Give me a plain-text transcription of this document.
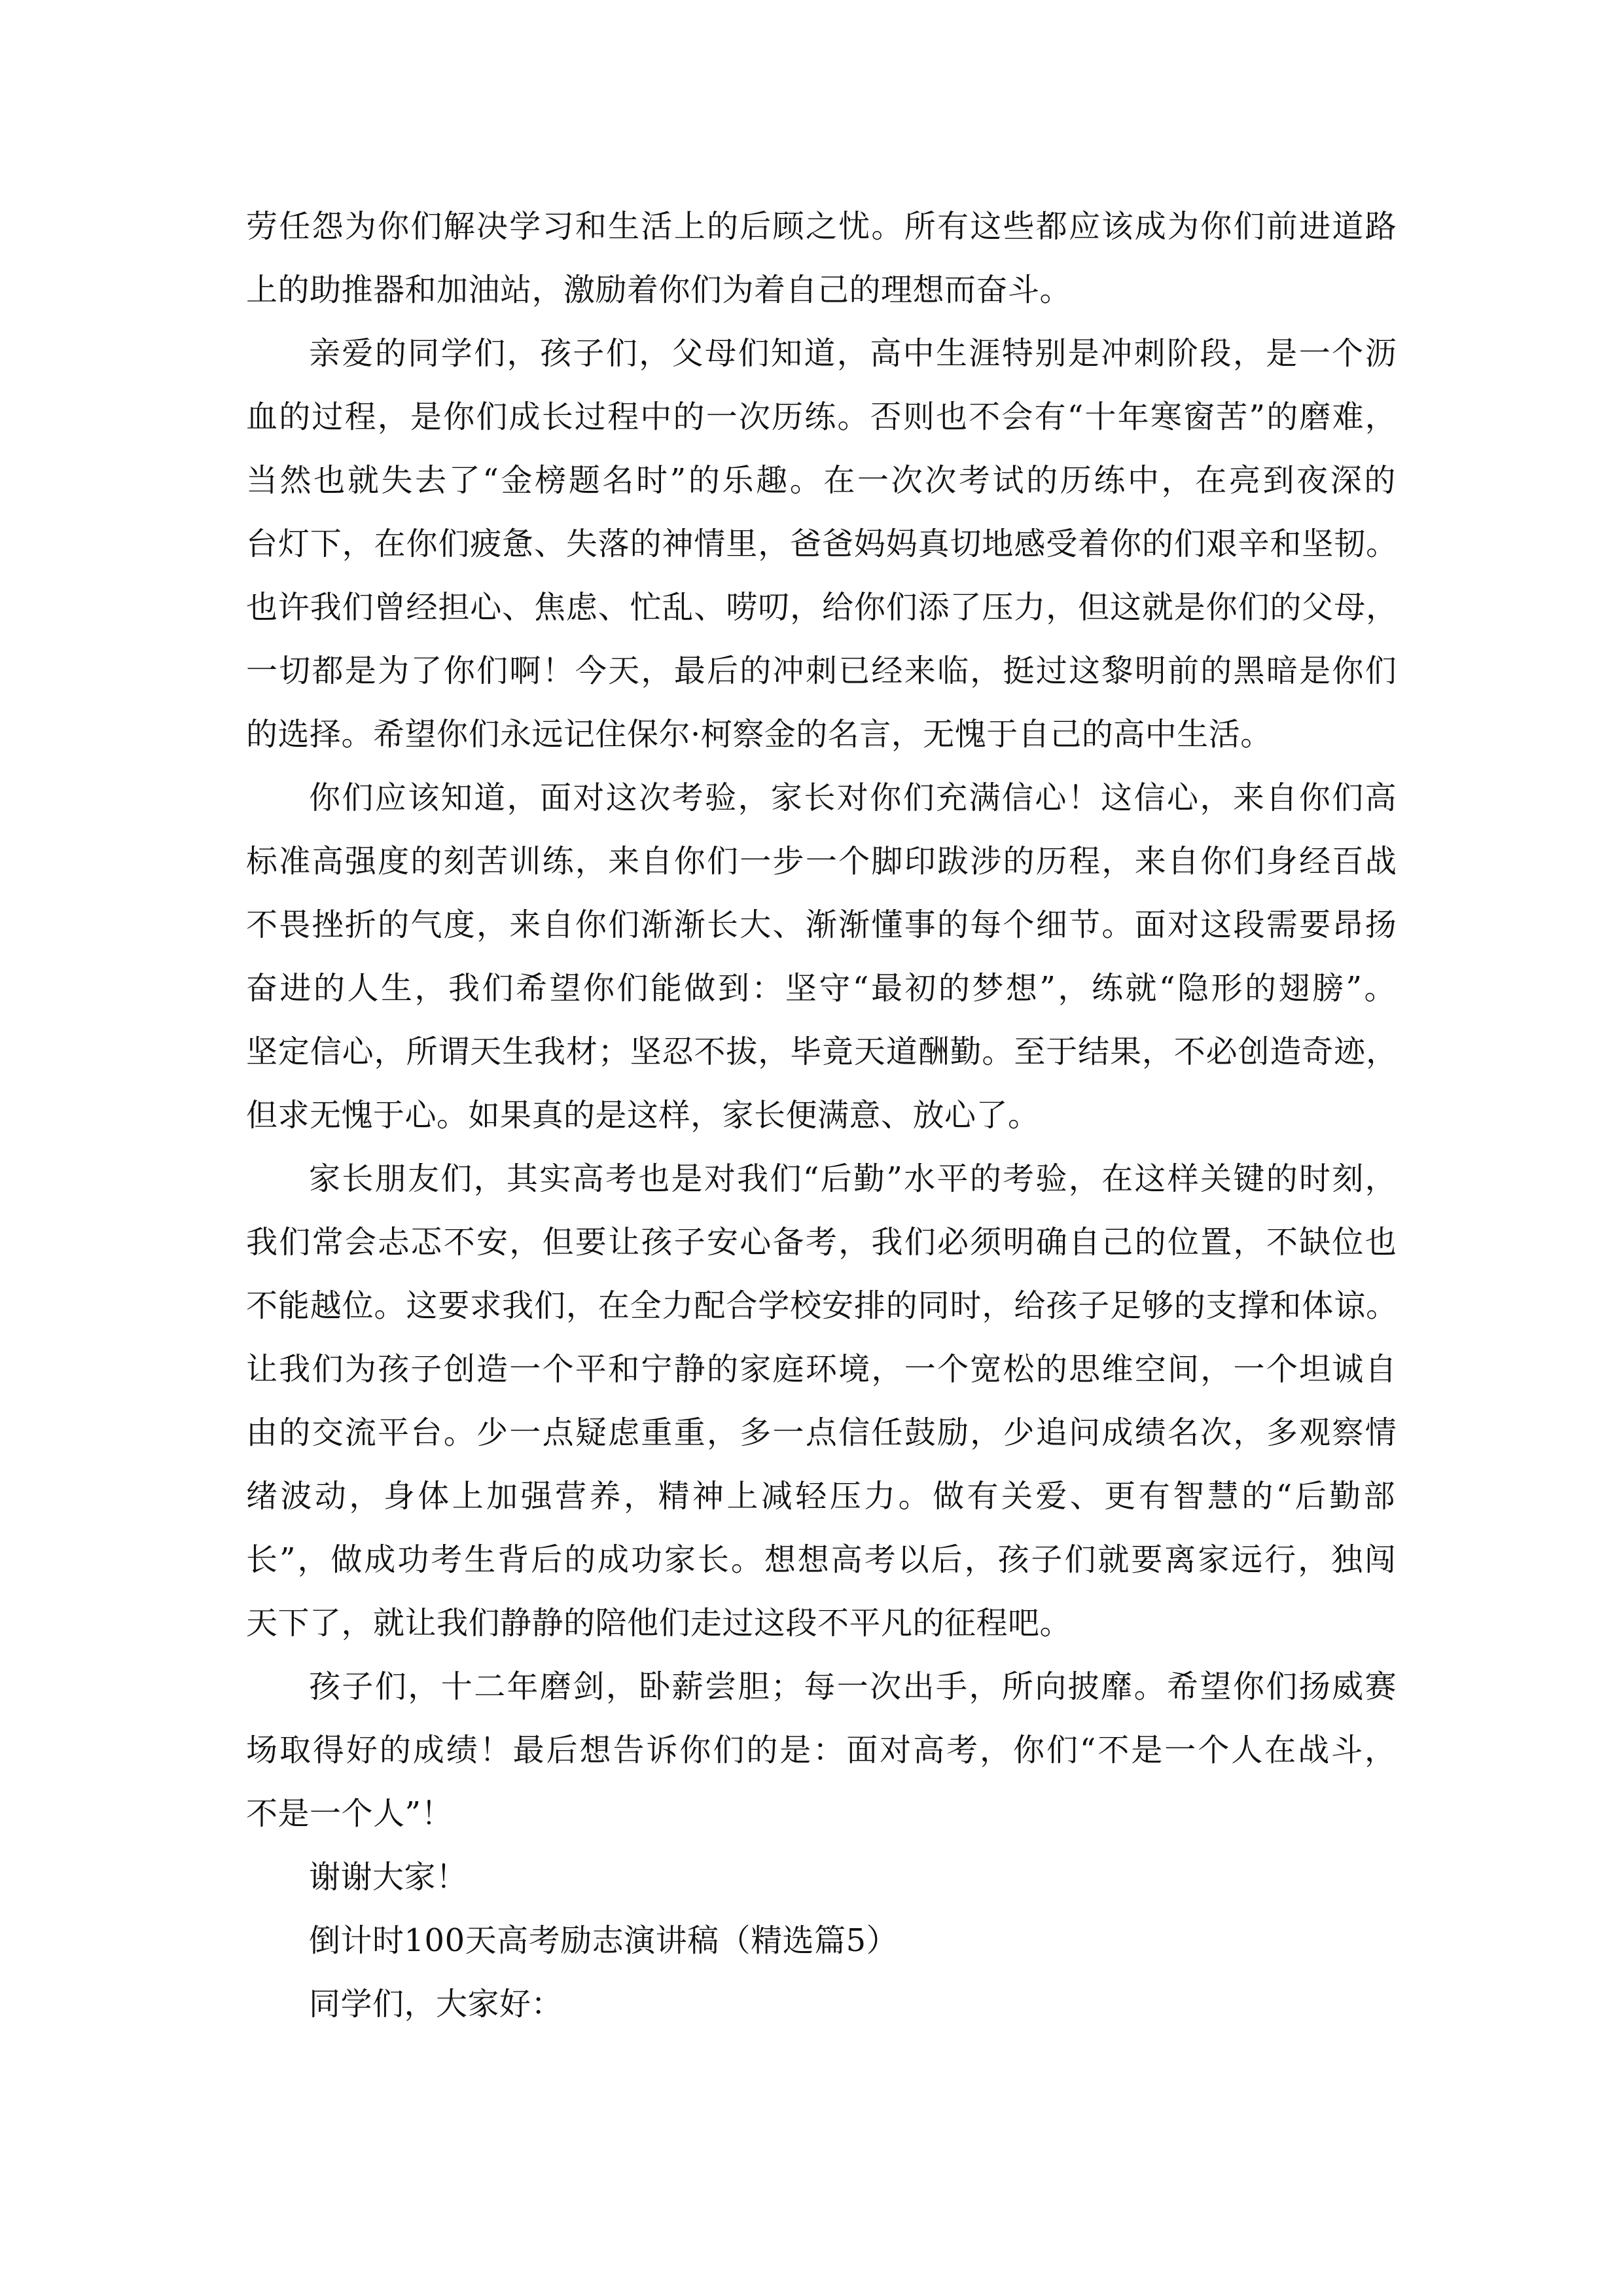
劳任怨为你们解决学习和生活上的后顾之忧。所有这些都应该成为你们前进道路
上的助推器和加油站，激励着你们为着自己的理想而奋斗。
亲爱的同学们，孩子们，父母们知道，高中生涯特别是冲刺阶段，是一个沥
血的过程，是你们成长过程中的一次历练。否则也不会有“十年寒窗苦”的磨难，
当然也就失去了“金榜题名时”的乐趣。在一次次考试的历练中，在亮到夜深的
台灯下，在你们疲惫、失落的神情里，爸爸妈妈真切地感受着你的们艰辛和坚韧。
也许我们曾经担心、焦虑、忙乱、唠叨，给你们添了压力，但这就是你们的父母，
一切都是为了你们啊！今天，最后的冲刺已经来临，挺过这黎明前的黑暗是你们
的选择。希望你们永远记住保尔·柯察金的名言，无愧于自己的高中生活。
你们应该知道，面对这次考验，家长对你们充满信心！这信心，来自你们高
标准高强度的刻苦训练，来自你们一步一个脚印跋涉的历程，来自你们身经百战
不畏挫折的气度，来自你们渐渐长大、渐渐懂事的每个细节。面对这段需要昂扬
奋进的人生，我们希望你们能做到：坚守“最初的梦想”，练就“隐形的翅膀”。
坚定信心，所谓天生我材；坚忍不拔，毕竟天道酬勤。至于结果，不必创造奇迹，
但求无愧于心。如果真的是这样，家长便满意、放心了。
家长朋友们，其实高考也是对我们“后勤”水平的考验，在这样关键的时刻，
我们常会忐忑不安，但要让孩子安心备考，我们必须明确自己的位置，不缺位也
不能越位。这要求我们，在全力配合学校安排的同时，给孩子足够的支撑和体谅。
让我们为孩子创造一个平和宁静的家庭环境，一个宽松的思维空间，一个坦诚自
由的交流平台。少一点疑虑重重，多一点信任鼓励，少追问成绩名次，多观察情
绪波动，身体上加强营养，精神上减轻压力。做有关爱、更有智慧的“后勤部
长”，做成功考生背后的成功家长。想想高考以后，孩子们就要离家远行，独闯
天下了，就让我们静静的陪他们走过这段不平凡的征程吧。
孩子们，十二年磨剑，卧薪尝胆；每一次出手，所向披靡。希望你们扬威赛
场取得好的成绩！最后想告诉你们的是：面对高考，你们“不是一个人在战斗，
不是一个人”！
谢谢大家！
倒计时100天高考励志演讲稿（精选篇5）
同学们，大家好：
